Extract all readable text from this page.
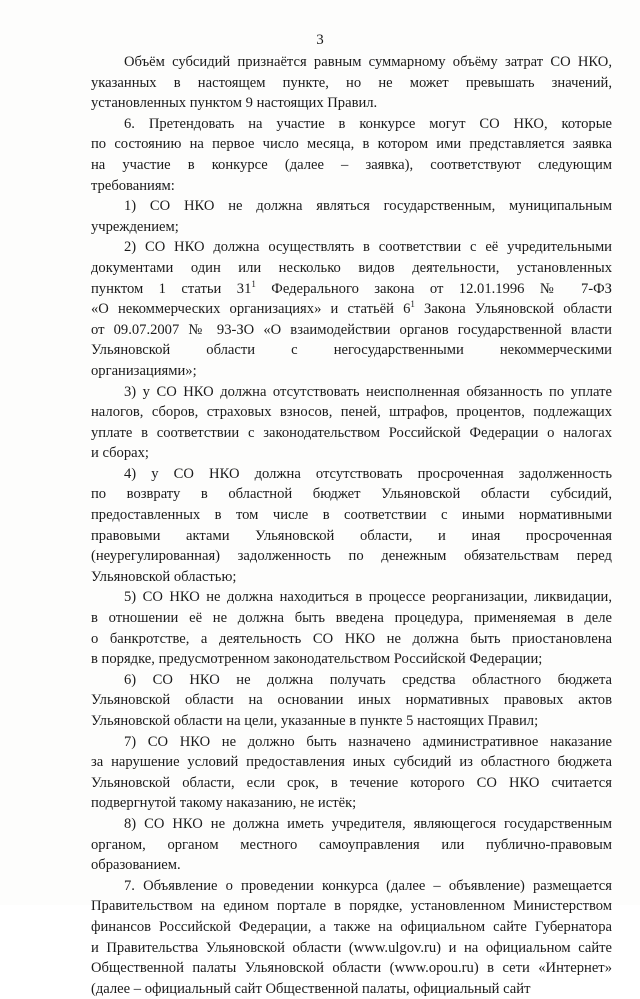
3
Объём субсидий признаётся равным суммарному объёму затрат СО НКО,
указанных в настоящем пункте, но не может превышать значений,
установленных пунктом 9 настоящих Правил.
6. Претендовать на участие в конкурсе могут СО НКО, которые
по состоянию на первое число месяца, в котором ими представляется заявка
на участие в конкурсе (далее – заявка), соответствуют следующим
требованиям:
1) СО НКО не должна являться государственным, муниципальным
учреждением;
2) СО НКО должна осуществлять в соответствии с её учредительными
документами один или несколько видов деятельности, установленных
пунктом 1 статьи $31^1$ Федерального закона от 12.01.1996 № 7-ФЗ
«О некоммерческих организациях» и статьёй $6^1$ Закона Ульяновской области
от 09.07.2007 № 93-ЗО «О взаимодействии органов государственной власти
Ульяновской области с негосударственными некоммерческими
организациями»;
3) у СО НКО должна отсутствовать неисполненная обязанность по уплате
налогов, сборов, страховых взносов, пеней, штрафов, процентов, подлежащих
уплате в соответствии с законодательством Российской Федерации о налогах
и сборах;
4) у СО НКО должна отсутствовать просроченная задолженность
по возврату в областной бюджет Ульяновской области субсидий,
предоставленных в том числе в соответствии с иными нормативными
правовыми актами Ульяновской области, и иная просроченная
(неурегулированная) задолженность по денежным обязательствам перед
Ульяновской областью;
5) СО НКО не должна находиться в процессе реорганизации, ликвидации,
в отношении её не должна быть введена процедура, применяемая в деле
о банкротстве, а деятельность СО НКО не должна быть приостановлена
в порядке, предусмотренном законодательством Российской Федерации;
6) СО НКО не должна получать средства областного бюджета
Ульяновской области на основании иных нормативных правовых актов
Ульяновской области на цели, указанные в пункте 5 настоящих Правил;
7) СО НКО не должно быть назначено административное наказание
за нарушение условий предоставления иных субсидий из областного бюджета
Ульяновской области, если срок, в течение которого СО НКО считается
подвергнутой такому наказанию, не истёк;
8) СО НКО не должна иметь учредителя, являющегося государственным
органом, органом местного самоуправления или публично-правовым
образованием.
7. Объявление о проведении конкурса (далее – объявление) размещается
Правительством на едином портале в порядке, установленном Министерством
финансов Российской Федерации, а также на официальном сайте Губернатора
и Правительства Ульяновской области (www.ulgov.ru) и на официальном сайте
Общественной палаты Ульяновской области (www.opou.ru) в сети «Интернет»
(далее – официальный сайт Общественной палаты, официальный сайт
